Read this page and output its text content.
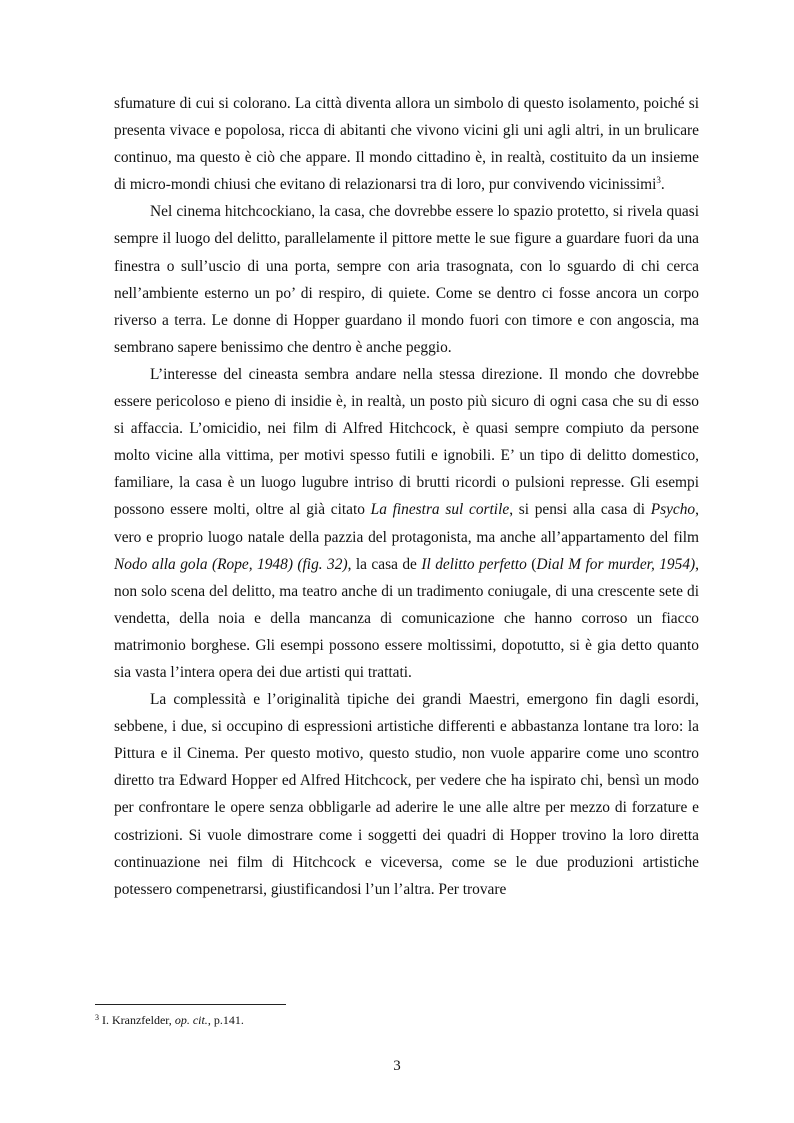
sfumature di cui si colorano. La città diventa allora un simbolo di questo isolamento, poiché si presenta vivace e popolosa, ricca di abitanti che vivono vicini gli uni agli altri, in un brulicare continuo, ma questo è ciò che appare. Il mondo cittadino è, in realtà, costituito da un insieme di micro-mondi chiusi che evitano di relazionarsi tra di loro, pur convivendo vicinissimi$^3$.

Nel cinema hitchcockiano, la casa, che dovrebbe essere lo spazio protetto, si rivela quasi sempre il luogo del delitto, parallelamente il pittore mette le sue figure a guardare fuori da una finestra o sull’uscio di una porta, sempre con aria trasognata, con lo sguardo di chi cerca nell’ambiente esterno un po’ di respiro, di quiete. Come se dentro ci fosse ancora un corpo riverso a terra. Le donne di Hopper guardano il mondo fuori con timore e con angoscia, ma sembrano sapere benissimo che dentro è anche peggio.

L’interesse del cineasta sembra andare nella stessa direzione. Il mondo che dovrebbe essere pericoloso e pieno di insidie è, in realtà, un posto più sicuro di ogni casa che su di esso si affaccia. L’omicidio, nei film di Alfred Hitchcock, è quasi sempre compiuto da persone molto vicine alla vittima, per motivi spesso futili e ignobili. E’ un tipo di delitto domestico, familiare, la casa è un luogo lugubre intriso di brutti ricordi o pulsioni represse. Gli esempi possono essere molti, oltre al già citato La finestra sul cortile, si pensi alla casa di Psycho, vero e proprio luogo natale della pazzia del protagonista, ma anche all’appartamento del film Nodo alla gola (Rope, 1948) (fig. 32), la casa de Il delitto perfetto (Dial M for murder, 1954), non solo scena del delitto, ma teatro anche di un tradimento coniugale, di una crescente sete di vendetta, della noia e della mancanza di comunicazione che hanno corroso un fiacco matrimonio borghese. Gli esempi possono essere moltissimi, dopotutto, si è gia detto quanto sia vasta l’intera opera dei due artisti qui trattati.

La complessità e l’originalità tipiche dei grandi Maestri, emergono fin dagli esordi, sebbene, i due, si occupino di espressioni artistiche differenti e abbastanza lontane tra loro: la Pittura e il Cinema. Per questo motivo, questo studio, non vuole apparire come uno scontro diretto tra Edward Hopper ed Alfred Hitchcock, per vedere che ha ispirato chi, bensì un modo per confrontare le opere senza obbligarle ad aderire le une alle altre per mezzo di forzature e costrizioni. Si vuole dimostrare come i soggetti dei quadri di Hopper trovino la loro diretta continuazione nei film di Hitchcock e viceversa, come se le due produzioni artistiche potessero compenetrarsi, giustificandosi l’un l’altra. Per trovare

$^3$ I. Kranzfelder, op. cit., p.141.
3
